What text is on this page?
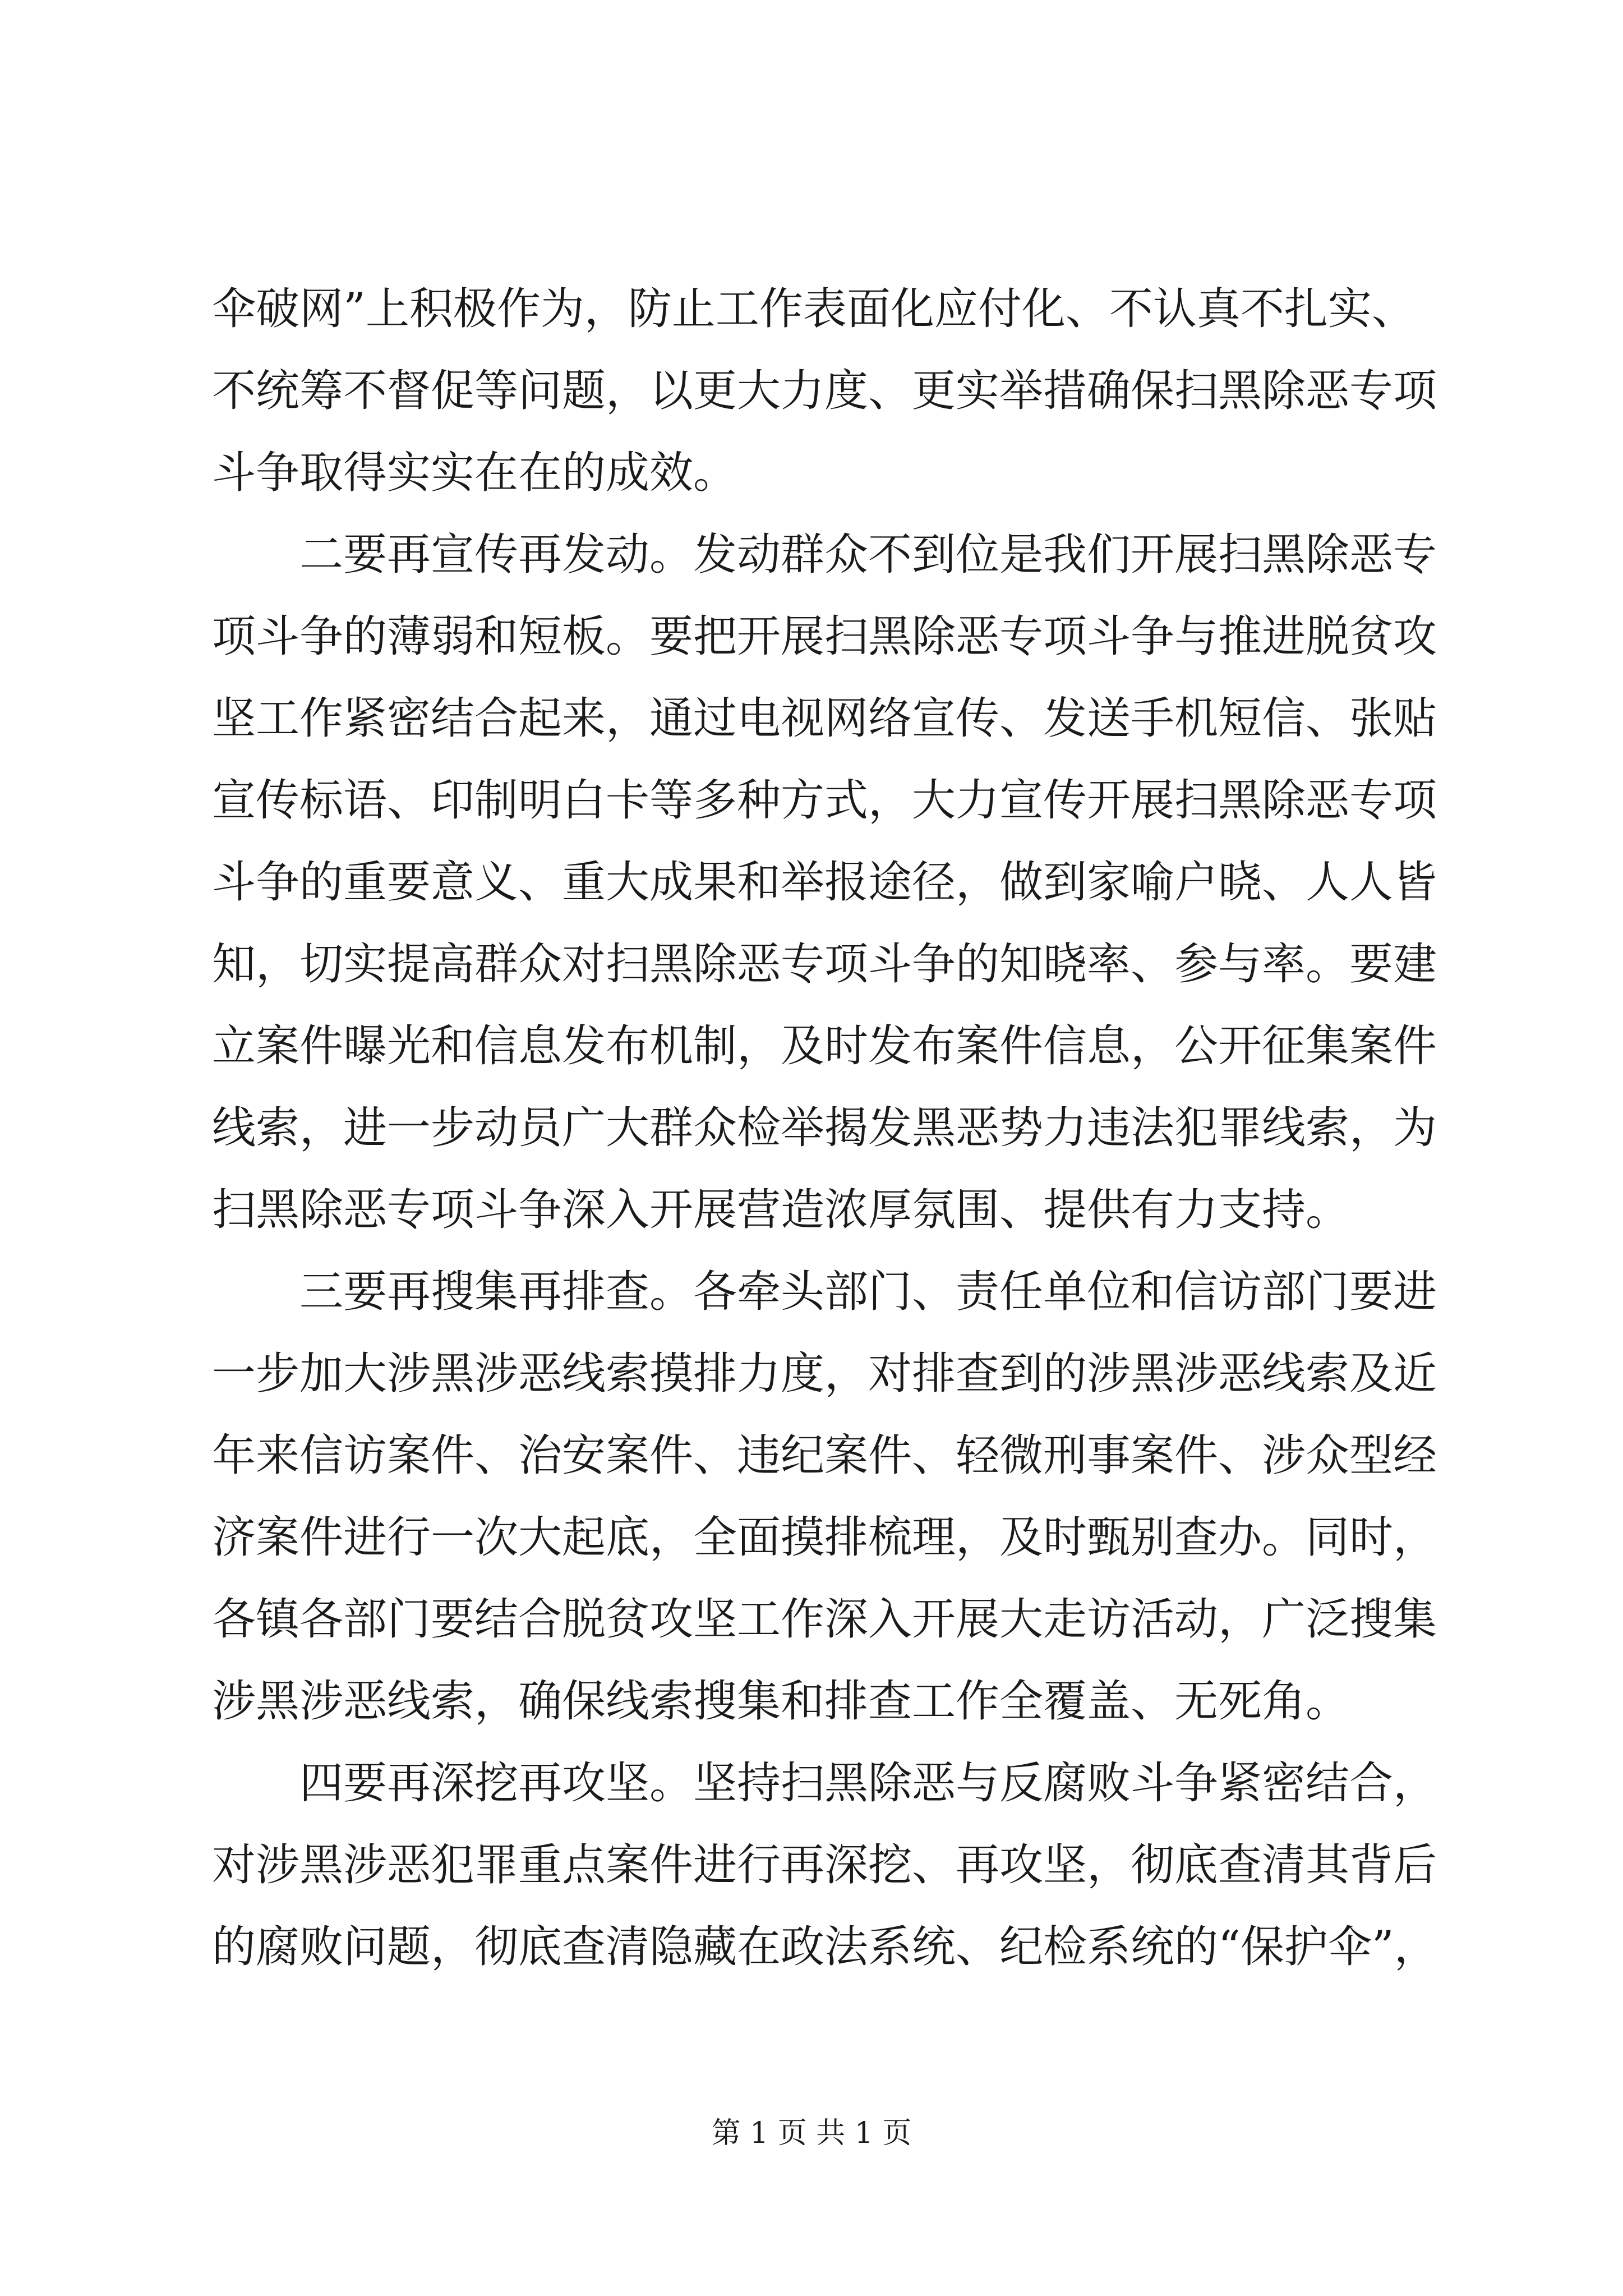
伞破网”上积极作为，防止工作表面化应付化、不认真不扎实、
不统筹不督促等问题，以更大力度、更实举措确保扫黑除恶专项
斗争取得实实在在的成效。
　　二要再宣传再发动。发动群众不到位是我们开展扫黑除恶专
项斗争的薄弱和短板。要把开展扫黑除恶专项斗争与推进脱贫攻
坚工作紧密结合起来，通过电视网络宣传、发送手机短信、张贴
宣传标语、印制明白卡等多种方式，大力宣传开展扫黑除恶专项
斗争的重要意义、重大成果和举报途径，做到家喻户晓、人人皆
知，切实提高群众对扫黑除恶专项斗争的知晓率、参与率。要建
立案件曝光和信息发布机制，及时发布案件信息，公开征集案件
线索，进一步动员广大群众检举揭发黑恶势力违法犯罪线索，为
扫黑除恶专项斗争深入开展营造浓厚氛围、提供有力支持。
　　三要再搜集再排查。各牵头部门、责任单位和信访部门要进
一步加大涉黑涉恶线索摸排力度，对排查到的涉黑涉恶线索及近
年来信访案件、治安案件、违纪案件、轻微刑事案件、涉众型经
济案件进行一次大起底，全面摸排梳理，及时甄别查办。同时，
各镇各部门要结合脱贫攻坚工作深入开展大走访活动，广泛搜集
涉黑涉恶线索，确保线索搜集和排查工作全覆盖、无死角。
　　四要再深挖再攻坚。坚持扫黑除恶与反腐败斗争紧密结合，
对涉黑涉恶犯罪重点案件进行再深挖、再攻坚，彻底查清其背后
的腐败问题，彻底查清隐藏在政法系统、纪检系统的“保护伞”，
第 1 页 共 1 页
